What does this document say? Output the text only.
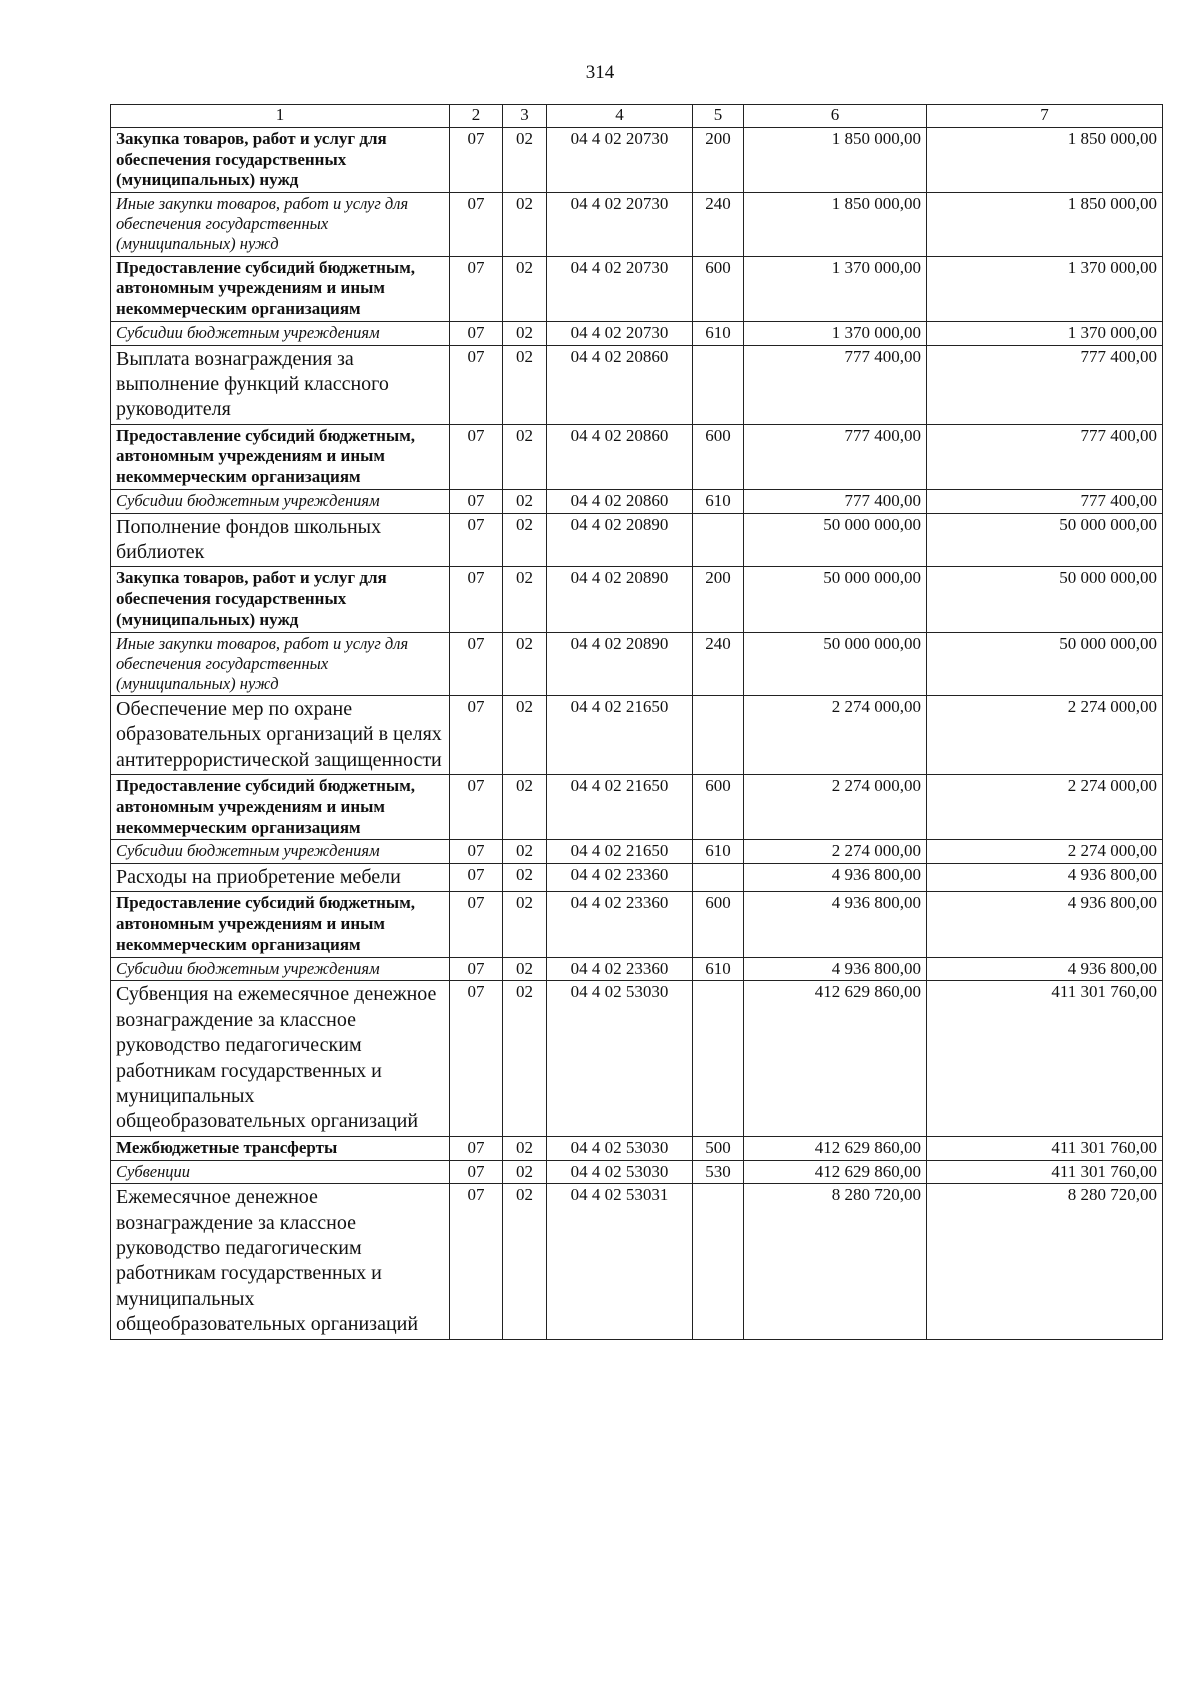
314
1	2	3	4	5	6	7
Закупка товаров, работ и услуг для обеспечения государственных (муниципальных) нужд	07	02	04 4 02 20730	200	1 850 000,00	1 850 000,00
Иные закупки товаров, работ и услуг для обеспечения государственных (муниципальных) нужд	07	02	04 4 02 20730	240	1 850 000,00	1 850 000,00
Предоставление субсидий бюджетным, автономным учреждениям и иным некоммерческим организациям	07	02	04 4 02 20730	600	1 370 000,00	1 370 000,00
Субсидии бюджетным учреждениям	07	02	04 4 02 20730	610	1 370 000,00	1 370 000,00
Выплата вознаграждения за выполнение функций классного руководителя	07	02	04 4 02 20860		777 400,00	777 400,00
Предоставление субсидий бюджетным, автономным учреждениям и иным некоммерческим организациям	07	02	04 4 02 20860	600	777 400,00	777 400,00
Субсидии бюджетным учреждениям	07	02	04 4 02 20860	610	777 400,00	777 400,00
Пополнение фондов школьных библиотек	07	02	04 4 02 20890		50 000 000,00	50 000 000,00
Закупка товаров, работ и услуг для обеспечения государственных (муниципальных) нужд	07	02	04 4 02 20890	200	50 000 000,00	50 000 000,00
Иные закупки товаров, работ и услуг для обеспечения государственных (муниципальных) нужд	07	02	04 4 02 20890	240	50 000 000,00	50 000 000,00
Обеспечение мер по охране образовательных организаций в целях антитеррористической защищенности	07	02	04 4 02 21650		2 274 000,00	2 274 000,00
Предоставление субсидий бюджетным, автономным учреждениям и иным некоммерческим организациям	07	02	04 4 02 21650	600	2 274 000,00	2 274 000,00
Субсидии бюджетным учреждениям	07	02	04 4 02 21650	610	2 274 000,00	2 274 000,00
Расходы на приобретение мебели	07	02	04 4 02 23360		4 936 800,00	4 936 800,00
Предоставление субсидий бюджетным, автономным учреждениям и иным некоммерческим организациям	07	02	04 4 02 23360	600	4 936 800,00	4 936 800,00
Субсидии бюджетным учреждениям	07	02	04 4 02 23360	610	4 936 800,00	4 936 800,00
Субвенция на ежемесячное денежное вознаграждение за классное руководство педагогическим работникам государственных и муниципальных общеобразовательных организаций	07	02	04 4 02 53030		412 629 860,00	411 301 760,00
Межбюджетные трансферты	07	02	04 4 02 53030	500	412 629 860,00	411 301 760,00
Субвенции	07	02	04 4 02 53030	530	412 629 860,00	411 301 760,00
Ежемесячное денежное вознаграждение за классное руководство педагогическим работникам государственных и муниципальных общеобразовательных организаций	07	02	04 4 02 53031		8 280 720,00	8 280 720,00
